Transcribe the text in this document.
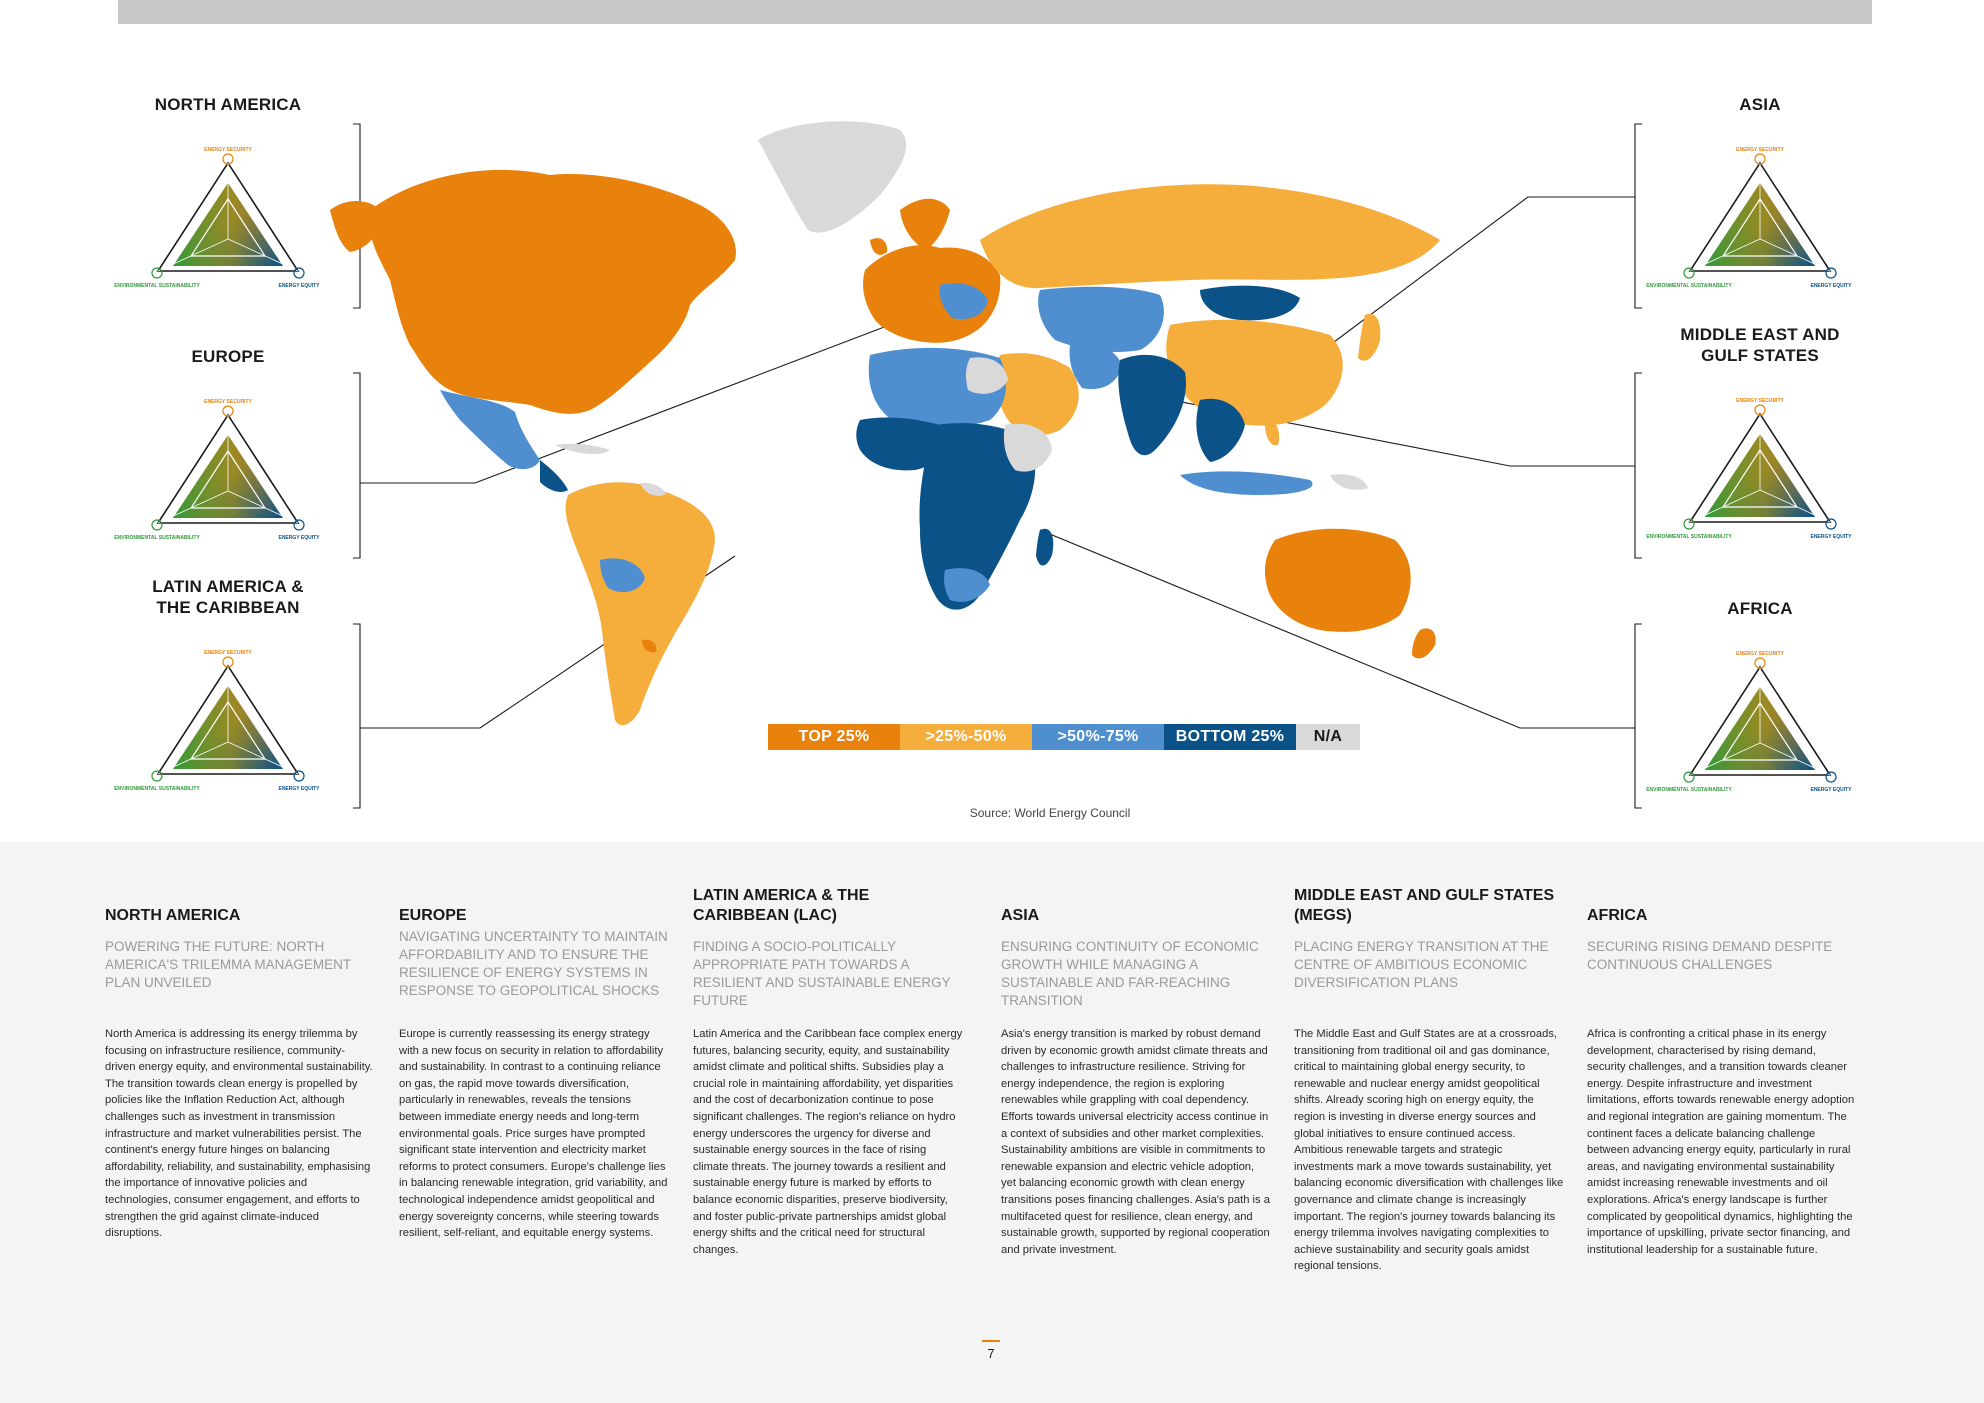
TOP 25%	>25%-50%	>50%-75%	BOTTOM 25%	N/A
Source: World Energy Council
NORTH AMERICA
ENERGY SECURITY
ENVIRONMENTAL SUSTAINABILITY	ENERGY EQUITY
EUROPE
ENERGY SECURITY
ENVIRONMENTAL SUSTAINABILITY	ENERGY EQUITY
LATIN AMERICA & THE CARIBBEAN
ENERGY SECURITY
ENVIRONMENTAL SUSTAINABILITY	ENERGY EQUITY
ASIA
ENERGY SECURITY
ENVIRONMENTAL SUSTAINABILITY	ENERGY EQUITY
MIDDLE EAST AND GULF STATES
ENERGY SECURITY
ENVIRONMENTAL SUSTAINABILITY	ENERGY EQUITY
AFRICA
ENERGY SECURITY
ENVIRONMENTAL SUSTAINABILITY	ENERGY EQUITY
NORTH AMERICA
POWERING THE FUTURE: NORTH AMERICA'S TRILEMMA MANAGEMENT PLAN UNVEILED
North America is addressing its energy trilemma by focusing on infrastructure resilience, community-driven energy equity, and environmental sustainability. The transition towards clean energy is propelled by policies like the Inflation Reduction Act, although challenges such as investment in transmission infrastructure and market vulnerabilities persist. The continent's energy future hinges on balancing affordability, reliability, and sustainability, emphasising the importance of innovative policies and technologies, consumer engagement, and efforts to strengthen the grid against climate-induced disruptions.
EUROPE
NAVIGATING UNCERTAINTY TO MAINTAIN AFFORDABILITY AND TO ENSURE THE RESILIENCE OF ENERGY SYSTEMS IN RESPONSE TO GEOPOLITICAL SHOCKS
Europe is currently reassessing its energy strategy with a new focus on security in relation to affordability and sustainability. In contrast to a continuing reliance on gas, the rapid move towards diversification, particularly in renewables, reveals the tensions between immediate energy needs and long-term environmental goals. Price surges have prompted significant state intervention and electricity market reforms to protect consumers. Europe's challenge lies in balancing renewable integration, grid variability, and technological independence amidst geopolitical and energy sovereignty concerns, while steering towards resilient, self-reliant, and equitable energy systems.
LATIN AMERICA & THE CARIBBEAN (LAC)
FINDING A SOCIO-POLITICALLY APPROPRIATE PATH TOWARDS A RESILIENT AND SUSTAINABLE ENERGY FUTURE
Latin America and the Caribbean face complex energy futures, balancing security, equity, and sustainability amidst climate and political shifts. Subsidies play a crucial role in maintaining affordability, yet disparities and the cost of decarbonization continue to pose significant challenges. The region's reliance on hydro energy underscores the urgency for diverse and sustainable energy sources in the face of rising climate threats. The journey towards a resilient and sustainable energy future is marked by efforts to balance economic disparities, preserve biodiversity, and foster public-private partnerships amidst global energy shifts and the critical need for structural changes.
ASIA
ENSURING CONTINUITY OF ECONOMIC GROWTH WHILE MANAGING A SUSTAINABLE AND FAR-REACHING TRANSITION
Asia's energy transition is marked by robust demand driven by economic growth amidst climate threats and challenges to infrastructure resilience. Striving for energy independence, the region is exploring renewables while grappling with coal dependency. Efforts towards universal electricity access continue in a context of subsidies and other market complexities. Sustainability ambitions are visible in commitments to renewable expansion and electric vehicle adoption, yet balancing economic growth with clean energy transitions poses financing challenges. Asia's path is a multifaceted quest for resilience, clean energy, and sustainable growth, supported by regional cooperation and private investment.
MIDDLE EAST AND GULF STATES (MEGS)
PLACING ENERGY TRANSITION AT THE CENTRE OF AMBITIOUS ECONOMIC DIVERSIFICATION PLANS
The Middle East and Gulf States are at a crossroads, transitioning from traditional oil and gas dominance, critical to maintaining global energy security, to renewable and nuclear energy amidst geopolitical shifts. Already scoring high on energy equity, the region is investing in diverse energy sources and global initiatives to ensure continued access. Ambitious renewable targets and strategic investments mark a move towards sustainability, yet balancing economic diversification with challenges like governance and climate change is increasingly important. The region's journey towards balancing its energy trilemma involves navigating complexities to achieve sustainability and security goals amidst regional tensions.
AFRICA
SECURING RISING DEMAND DESPITE CONTINUOUS CHALLENGES
Africa is confronting a critical phase in its energy development, characterised by rising demand, security challenges, and a transition towards cleaner energy. Despite infrastructure and investment limitations, efforts towards renewable energy adoption and regional integration are gaining momentum. The continent faces a delicate balancing challenge between advancing energy equity, particularly in rural areas, and navigating environmental sustainability amidst increasing renewable investments and oil explorations. Africa's energy landscape is further complicated by geopolitical dynamics, highlighting the importance of upskilling, private sector financing, and institutional leadership for a sustainable future.
7
